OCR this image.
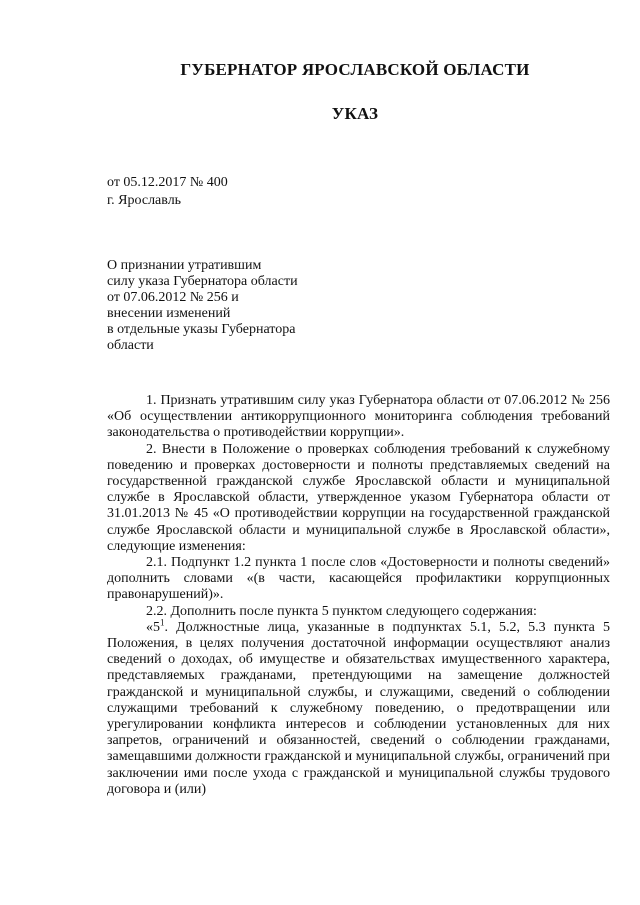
ГУБЕРНАТОР ЯРОСЛАВСКОЙ ОБЛАСТИ
УКАЗ
от 05.12.2017 № 400
г. Ярославль
О признании утратившим
силу указа Губернатора области
от 07.06.2012 № 256 и
внесении изменений
в отдельные указы Губернатора
области

1. Признать утратившим силу указ Губернатора области от 07.06.2012 № 256 «Об осуществлении антикоррупционного мониторинга соблюдения требований законодательства о противодействии коррупции».

2. Внести в Положение о проверках соблюдения требований к служебному поведению и проверках достоверности и полноты представляемых сведений на государственной гражданской службе Ярославской области и муниципальной службе в Ярославской области, утвержденное указом Губернатора области от 31.01.2013 № 45 «О противодействии коррупции на государственной гражданской службе Ярославской области и муниципальной службе в Ярославской области», следующие изменения:

2.1. Подпункт 1.2 пункта 1 после слов «Достоверности и полноты сведений» дополнить словами «(в части, касающейся профилактики коррупционных правонарушений)».

2.2. Дополнить после пункта 5 пунктом следующего содержания:

«$5^1$. Должностные лица, указанные в подпунктах 5.1, 5.2, 5.3 пункта 5 Положения, в целях получения достаточной информации осуществляют анализ сведений о доходах, об имуществе и обязательствах имущественного характера, представляемых гражданами, претендующими на замещение должностей гражданской и муниципальной службы, и служащими, сведений о соблюдении служащими требований к служебному поведению, о предотвращении или урегулировании конфликта интересов и соблюдении установленных для них запретов, ограничений и обязанностей, сведений о соблюдении гражданами, замещавшими должности гражданской и муниципальной службы, ограничений при заключении ими после ухода с гражданской и муниципальной службы трудового договора и (или)
